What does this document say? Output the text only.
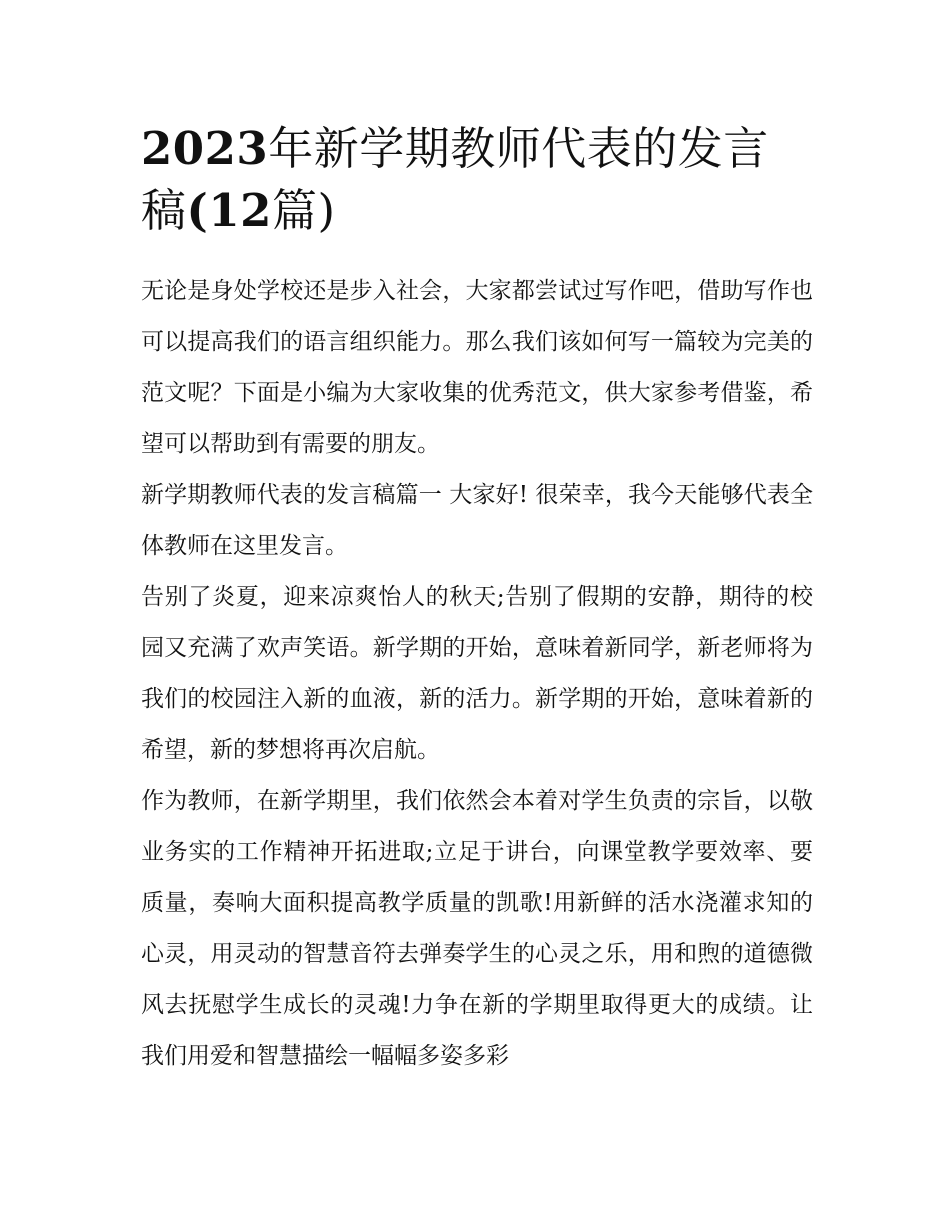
2023年新学期教师代表的发言稿(12篇)

无论是身处学校还是步入社会，大家都尝试过写作吧，借助写作也可以提高我们的语言组织能力。那么我们该如何写一篇较为完美的范文呢？下面是小编为大家收集的优秀范文，供大家参考借鉴，希望可以帮助到有需要的朋友。

新学期教师代表的发言稿篇一 大家好! 很荣幸，我今天能够代表全体教师在这里发言。

告别了炎夏，迎来凉爽怡人的秋天;告别了假期的安静，期待的校园又充满了欢声笑语。新学期的开始，意味着新同学，新老师将为我们的校园注入新的血液，新的活力。新学期的开始，意味着新的希望，新的梦想将再次启航。

作为教师，在新学期里，我们依然会本着对学生负责的宗旨，以敬业务实的工作精神开拓进取;立足于讲台，向课堂教学要效率、要质量，奏响大面积提高教学质量的凯歌!用新鲜的活水浇灌求知的心灵，用灵动的智慧音符去弹奏学生的心灵之乐，用和煦的道德微风去抚慰学生成长的灵魂!力争在新的学期里取得更大的成绩。让我们用爱和智慧描绘一幅幅多姿多彩
